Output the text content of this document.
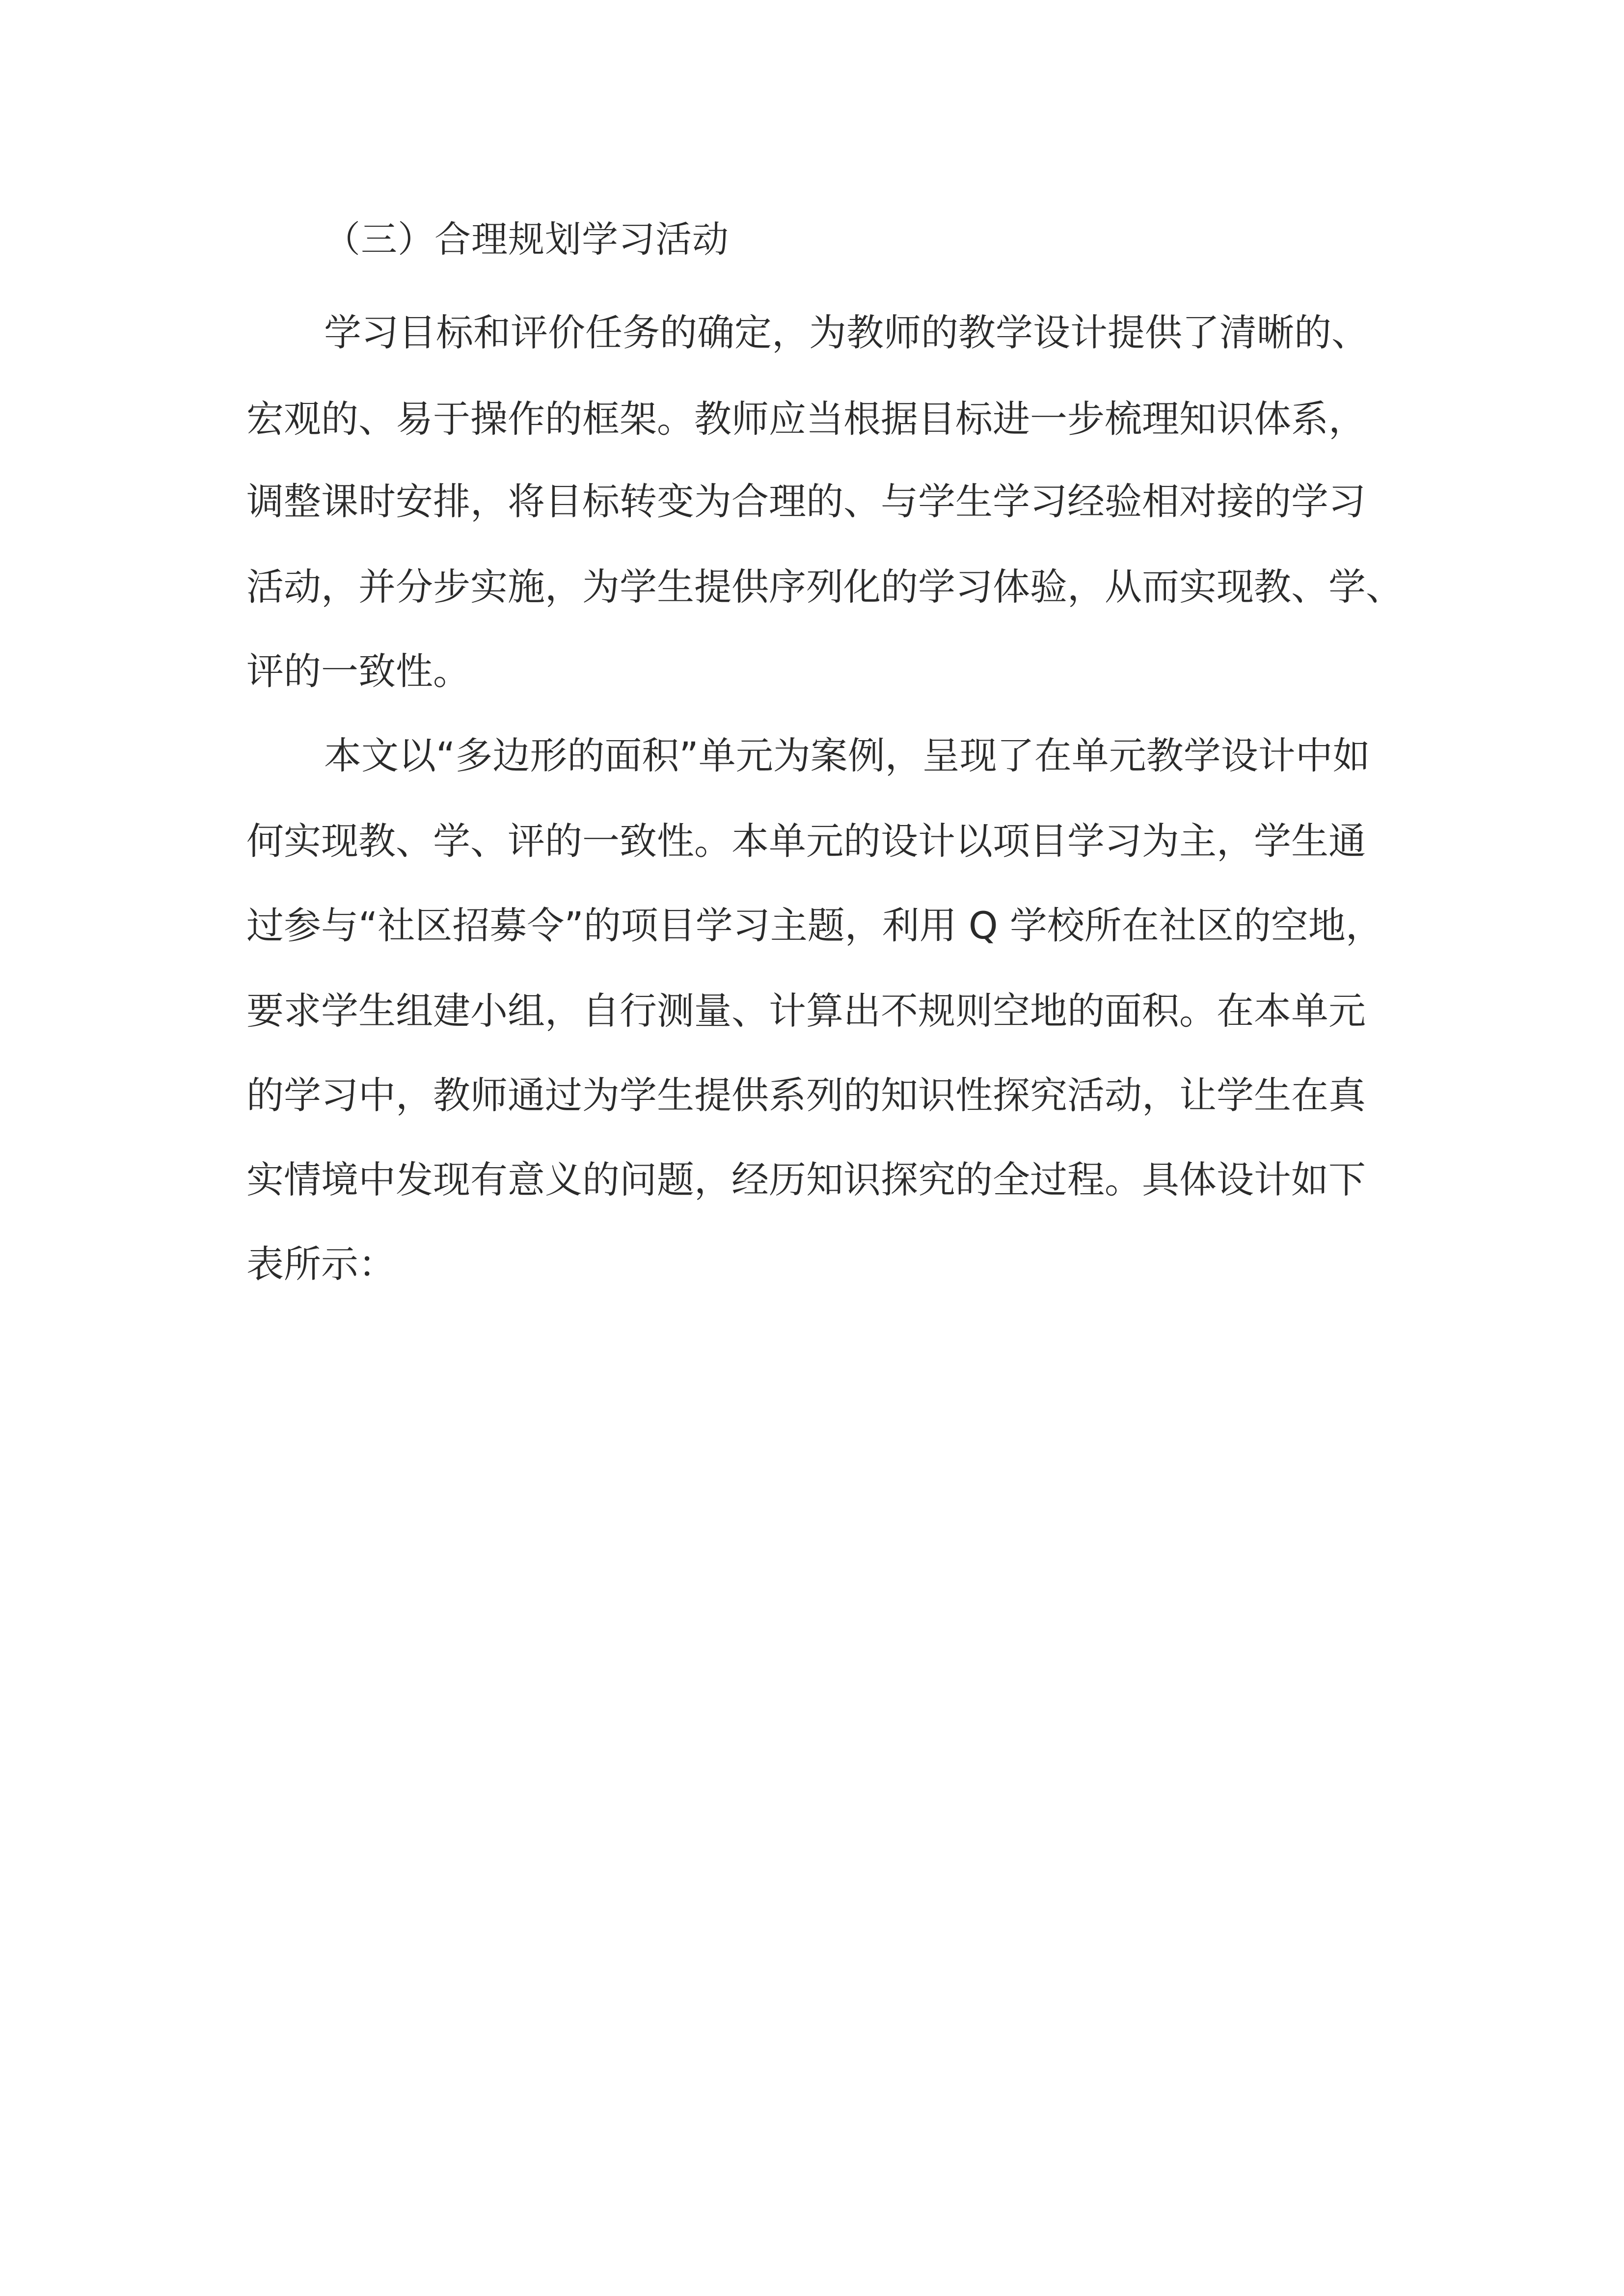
（三）合理规划学习活动
学习目标和评价任务的确定，为教师的教学设计提供了清晰的、
宏观的、易于操作的框架。教师应当根据目标进一步梳理知识体系，
调整课时安排，将目标转变为合理的、与学生学习经验相对接的学习
活动，并分步实施，为学生提供序列化的学习体验，从而实现教、学、
评的一致性。
本文以“多边形的面积”单元为案例，呈现了在单元教学设计中如
何实现教、学、评的一致性。本单元的设计以项目学习为主，学生通
过参与“社区招募令”的项目学习主题，利用 Q 学校所在社区的空地，
要求学生组建小组，自行测量、计算出不规则空地的面积。在本单元
的学习中，教师通过为学生提供系列的知识性探究活动，让学生在真
实情境中发现有意义的问题，经历知识探究的全过程。具体设计如下
表所示：
